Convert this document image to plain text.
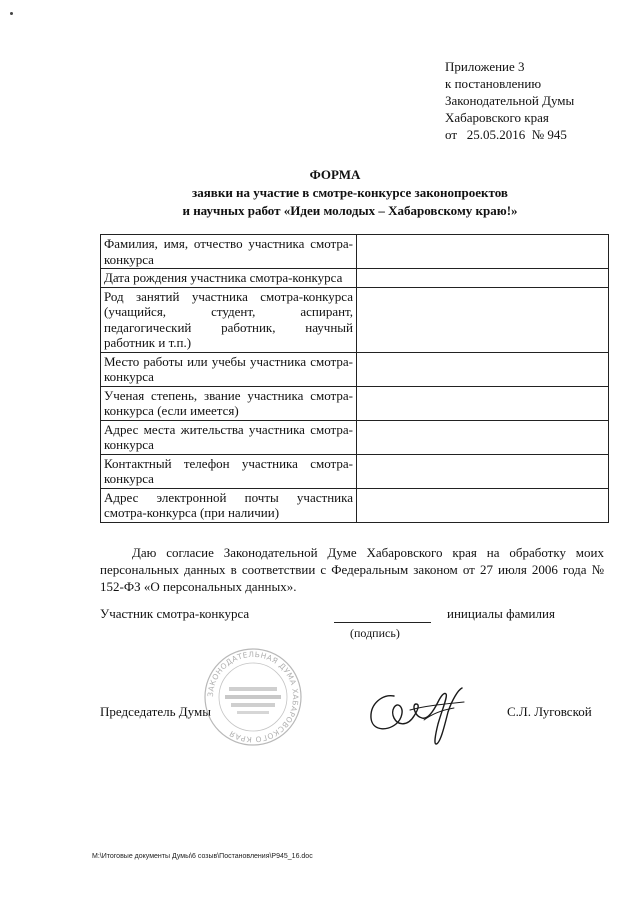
Приложение 3
к постановлению
Законодательной Думы
Хабаровского края
от   25.05.2016  № 945
ФОРМА
заявки на участие в смотре-конкурсе законопроектов
и научных работ «Идеи молодых – Хабаровскому краю!»
Фамилия, имя, отчество участника смотра-конкурса	
Дата рождения участника смотра-конкурса	
Род занятий участника смотра-конкурса (учащийся, студент, аспирант, педагогический работник, научный работник и т.п.)	
Место работы или учебы участника смотра-конкурса	
Ученая степень, звание участника смотра-конкурса (если имеется)	
Адрес места жительства участника смотра-конкурса	
Контактный телефон участника смотра-конкурса	
Адрес электронной почты участника смотра-конкурса (при наличии)	
Даю согласие Законодательной Думе Хабаровского края на обработку моих персональных данных в соответствии с Федеральным законом от 27 июля 2006 года № 152-ФЗ «О персональных данных».
Участник смотра-конкурса	инициалы фамилия
(подпись)
Председатель Думы	С.Л. Луговской
ЗАКОНОДАТЕЛЬНАЯ ДУМА ХАБАРОВСКОГО КРАЯ
M:\Итоговые документы Думы\6 созыв\Постановления\Р945_16.doc
